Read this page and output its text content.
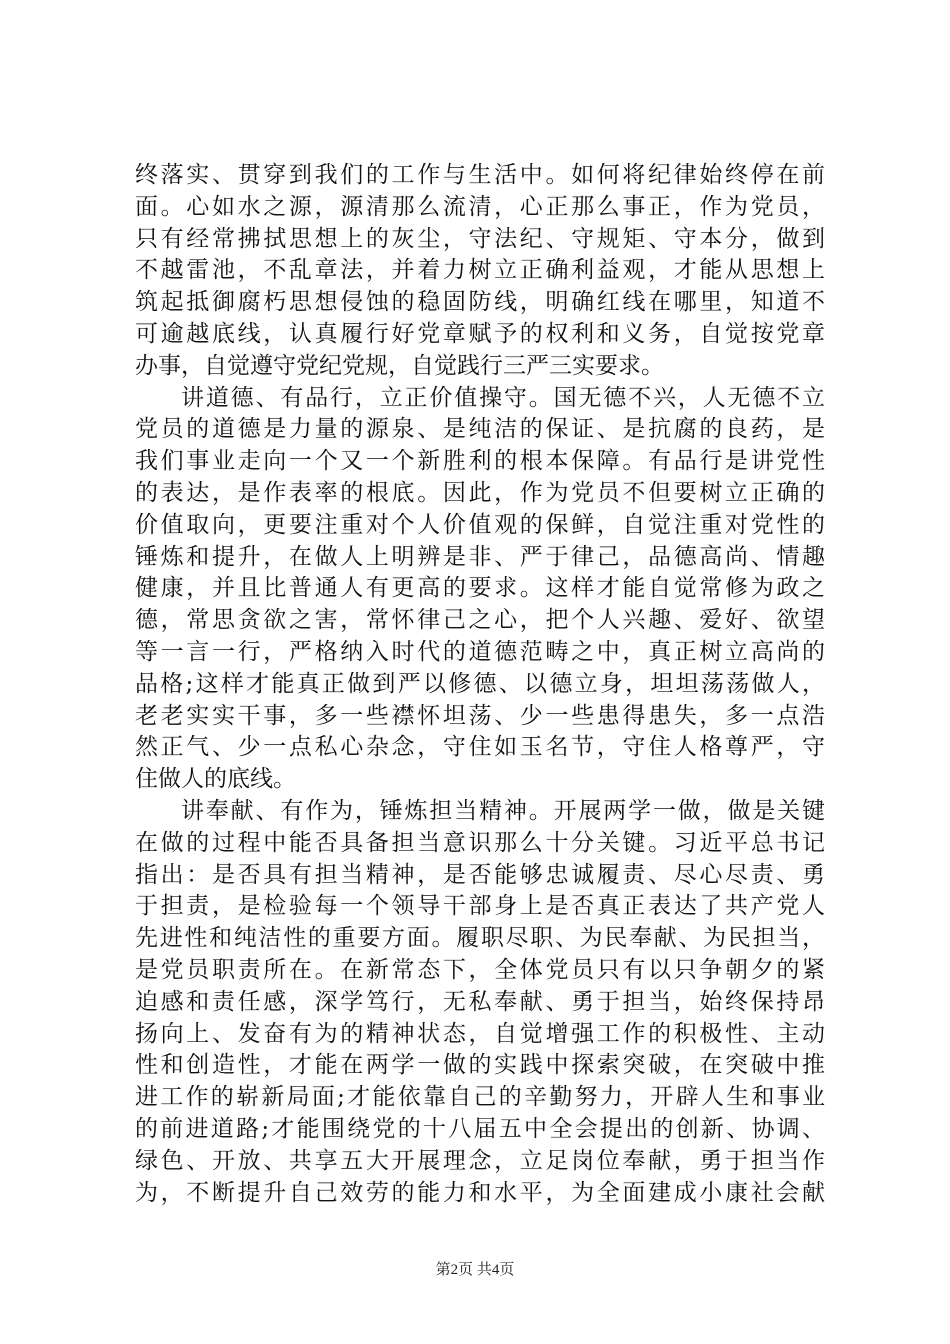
终落实、贯穿到我们的工作与生活中。如何将纪律始终停在前
面。心如水之源，源清那么流清，心正那么事正，作为党员，
只有经常拂拭思想上的灰尘，守法纪、守规矩、守本分，做到
不越雷池，不乱章法，并着力树立正确利益观，才能从思想上
筑起抵御腐朽思想侵蚀的稳固防线，明确红线在哪里，知道不
可逾越底线，认真履行好党章赋予的权利和义务，自觉按党章
办事，自觉遵守党纪党规，自觉践行三严三实要求。
讲道德、有品行，立正价值操守。国无德不兴，人无德不立
党员的道德是力量的源泉、是纯洁的保证、是抗腐的良药，是
我们事业走向一个又一个新胜利的根本保障。有品行是讲党性
的表达，是作表率的根底。因此，作为党员不但要树立正确的
价值取向，更要注重对个人价值观的保鲜，自觉注重对党性的
锤炼和提升，在做人上明辨是非、严于律己，品德高尚、情趣
健康，并且比普通人有更高的要求。这样才能自觉常修为政之
德，常思贪欲之害，常怀律己之心，把个人兴趣、爱好、欲望
等一言一行，严格纳入时代的道德范畴之中，真正树立高尚的
品格;这样才能真正做到严以修德、以德立身，坦坦荡荡做人，
老老实实干事，多一些襟怀坦荡、少一些患得患失，多一点浩
然正气、少一点私心杂念，守住如玉名节，守住人格尊严，守
住做人的底线。
讲奉献、有作为，锤炼担当精神。开展两学一做，做是关键
在做的过程中能否具备担当意识那么十分关键。习近平总书记
指出：是否具有担当精神，是否能够忠诚履责、尽心尽责、勇
于担责，是检验每一个领导干部身上是否真正表达了共产党人
先进性和纯洁性的重要方面。履职尽职、为民奉献、为民担当，
是党员职责所在。在新常态下，全体党员只有以只争朝夕的紧
迫感和责任感，深学笃行，无私奉献、勇于担当，始终保持昂
扬向上、发奋有为的精神状态，自觉增强工作的积极性、主动
性和创造性，才能在两学一做的实践中探索突破，在突破中推
进工作的崭新局面;才能依靠自己的辛勤努力，开辟人生和事业
的前进道路;才能围绕党的十八届五中全会提出的创新、协调、
绿色、开放、共享五大开展理念，立足岗位奉献，勇于担当作
为，不断提升自己效劳的能力和水平，为全面建成小康社会献
第2页 共4页
